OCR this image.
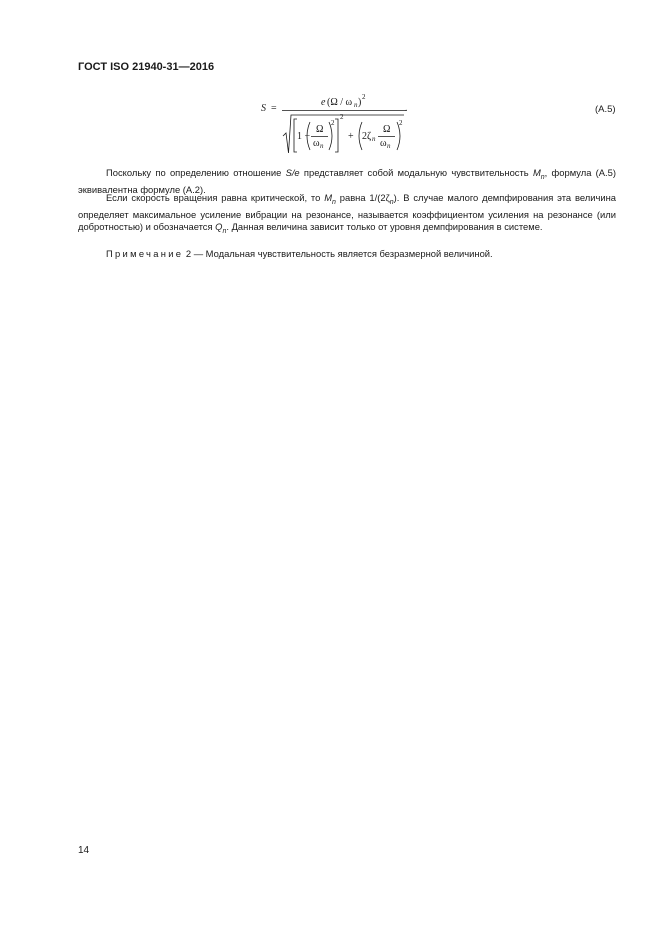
ГОСТ ISO 21940-31—2016
S =
e (Ω / ω n ) 2
1 −
Ω
ω n
2
2
+ 2ζ n
Ω
ω n
2
.	(A.5)
Поскольку по определению отношение S/e представляет собой модальную чувствительность $M_n$, формула (A.5) эквивалентна формуле (A.2).
Если скорость вращения равна критической, то $M_n$ равна $1/(2\zeta_n)$. В случае малого демпфирования эта величина определяет максимальное усиление вибрации на резонансе, называется коэффициентом усиления на резонансе (или добротностью) и обозначается $Q_n$. Данная величина зависит только от уровня демпфирования в системе.
Примечание 2 — Модальная чувствительность является безразмерной величиной.
14
